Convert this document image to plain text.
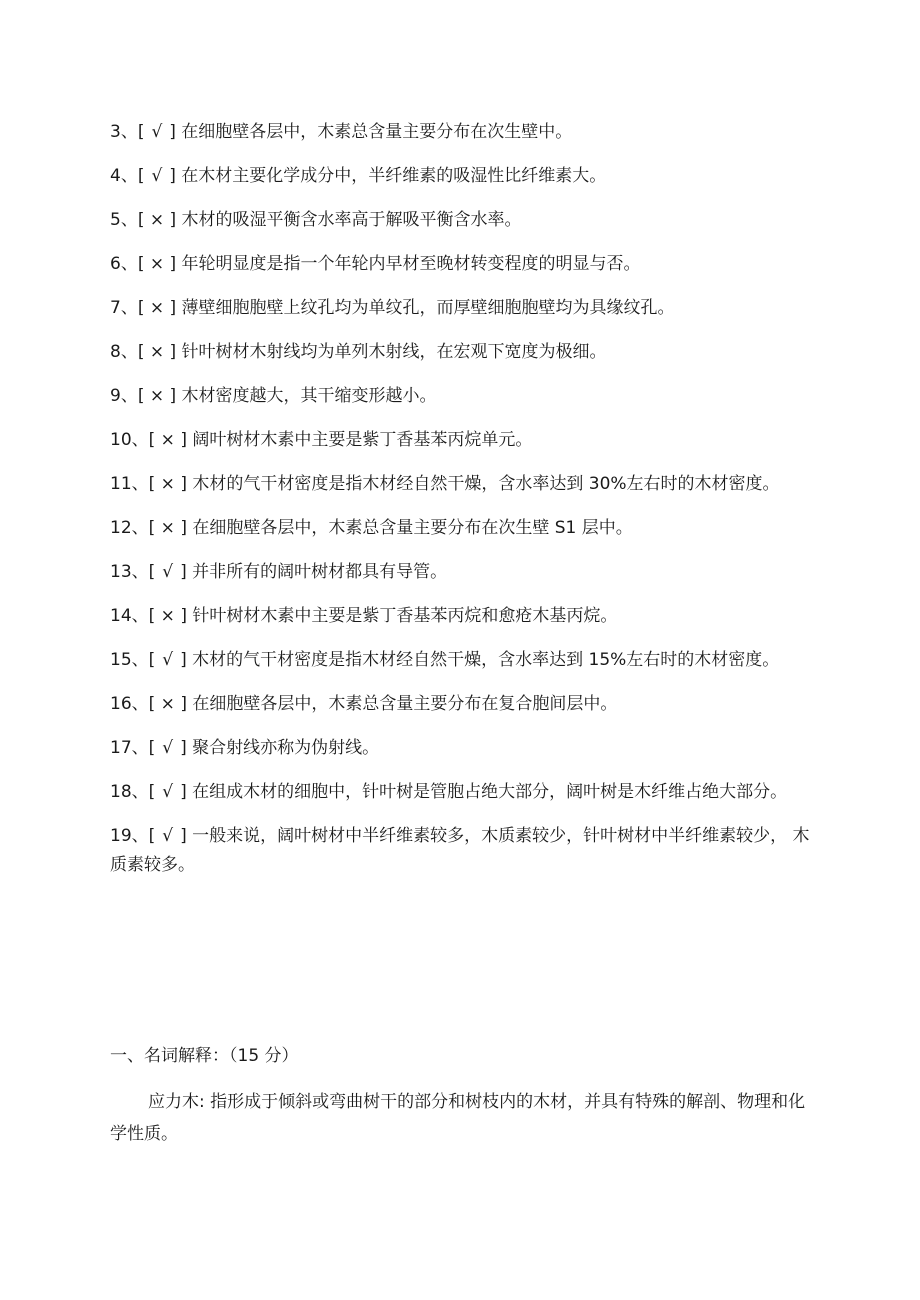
3、[ √ ] 在细胞壁各层中，木素总含量主要分布在次生壁中。
4、[ √ ] 在木材主要化学成分中，半纤维素的吸湿性比纤维素大。
5、[ × ] 木材的吸湿平衡含水率高于解吸平衡含水率。
6、[ × ] 年轮明显度是指一个年轮内早材至晚材转变程度的明显与否。
7、[ × ] 薄壁细胞胞壁上纹孔均为单纹孔，而厚壁细胞胞壁均为具缘纹孔。
8、[ × ] 针叶树材木射线均为单列木射线，在宏观下宽度为极细。
9、[ × ] 木材密度越大，其干缩变形越小。
10、[ × ] 阔叶树材木素中主要是紫丁香基苯丙烷单元。
11、[ × ] 木材的气干材密度是指木材经自然干燥，含水率达到 30%左右时的木材密度。
12、[ × ] 在细胞壁各层中，木素总含量主要分布在次生壁 S1 层中。
13、[ √ ] 并非所有的阔叶树材都具有导管。
14、[ × ] 针叶树材木素中主要是紫丁香基苯丙烷和愈疮木基丙烷。
15、[ √ ] 木材的气干材密度是指木材经自然干燥，含水率达到 15%左右时的木材密度。
16、[ × ] 在细胞壁各层中，木素总含量主要分布在复合胞间层中。
17、[ √ ] 聚合射线亦称为伪射线。
18、[ √ ] 在组成木材的细胞中，针叶树是管胞占绝大部分，阔叶树是木纤维占绝大部分。
19、[ √ ] 一般来说，阔叶树材中半纤维素较多，木质素较少，针叶树材中半纤维素较少， 木质素较多。
一、名词解释：（15 分）
应力木: 指形成于倾斜或弯曲树干的部分和树枝内的木材，并具有特殊的解剖、物理和化学性质。
